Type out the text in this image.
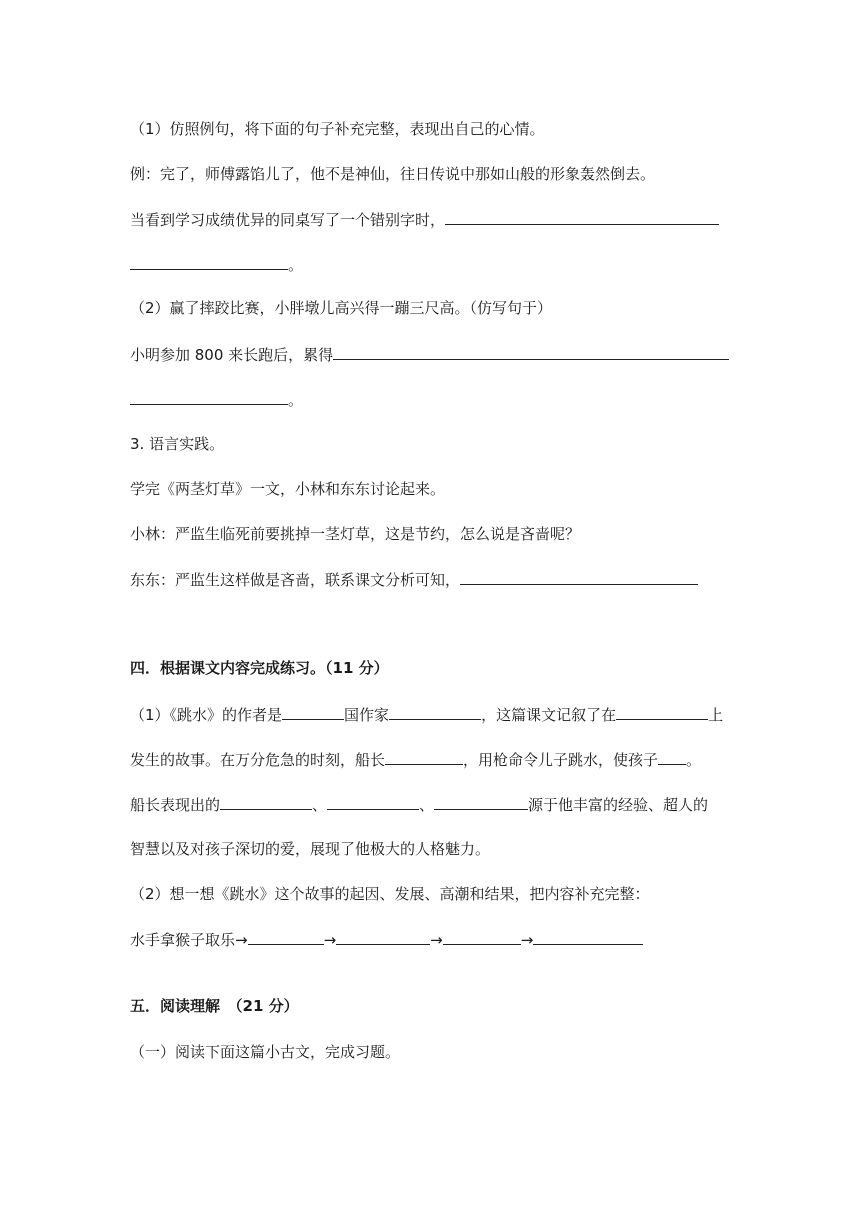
（1）仿照例句，将下面的句子补充完整，表现出自己的心情。
例：完了，师傅露馅儿了，他不是神仙，往日传说中那如山般的形象轰然倒去。
当看到学习成绩优异的同桌写了一个错别字时，
。
（2）赢了摔跤比赛，小胖墩儿高兴得一蹦三尺高。（仿写句于）
小明参加 800 来长跑后，累得
。
3. 语言实践。
学完《两茎灯草》一文，小林和东东讨论起来。
小林：严监生临死前要挑掉一茎灯草，这是节约，怎么说是吝啬呢？
东东：严监生这样做是吝啬，联系课文分析可知，
四．根据课文内容完成练习。（11 分）
（1）《跳水》的作者是	国作家	，这篇课文记叙了在	上
发生的故事。在万分危急的时刻，船长	，用枪命令儿子跳水，使孩子 。
船长表现出的	、	、	源于他丰富的经验、超人的
智慧以及对孩子深切的爱，展现了他极大的人格魅力。
（2）想一想《跳水》这个故事的起因、发展、高潮和结果，把内容补充完整：
水手拿猴子取乐→	→	→	→
五．阅读理解　（21 分）
（一）阅读下面这篇小古文，完成习题。
